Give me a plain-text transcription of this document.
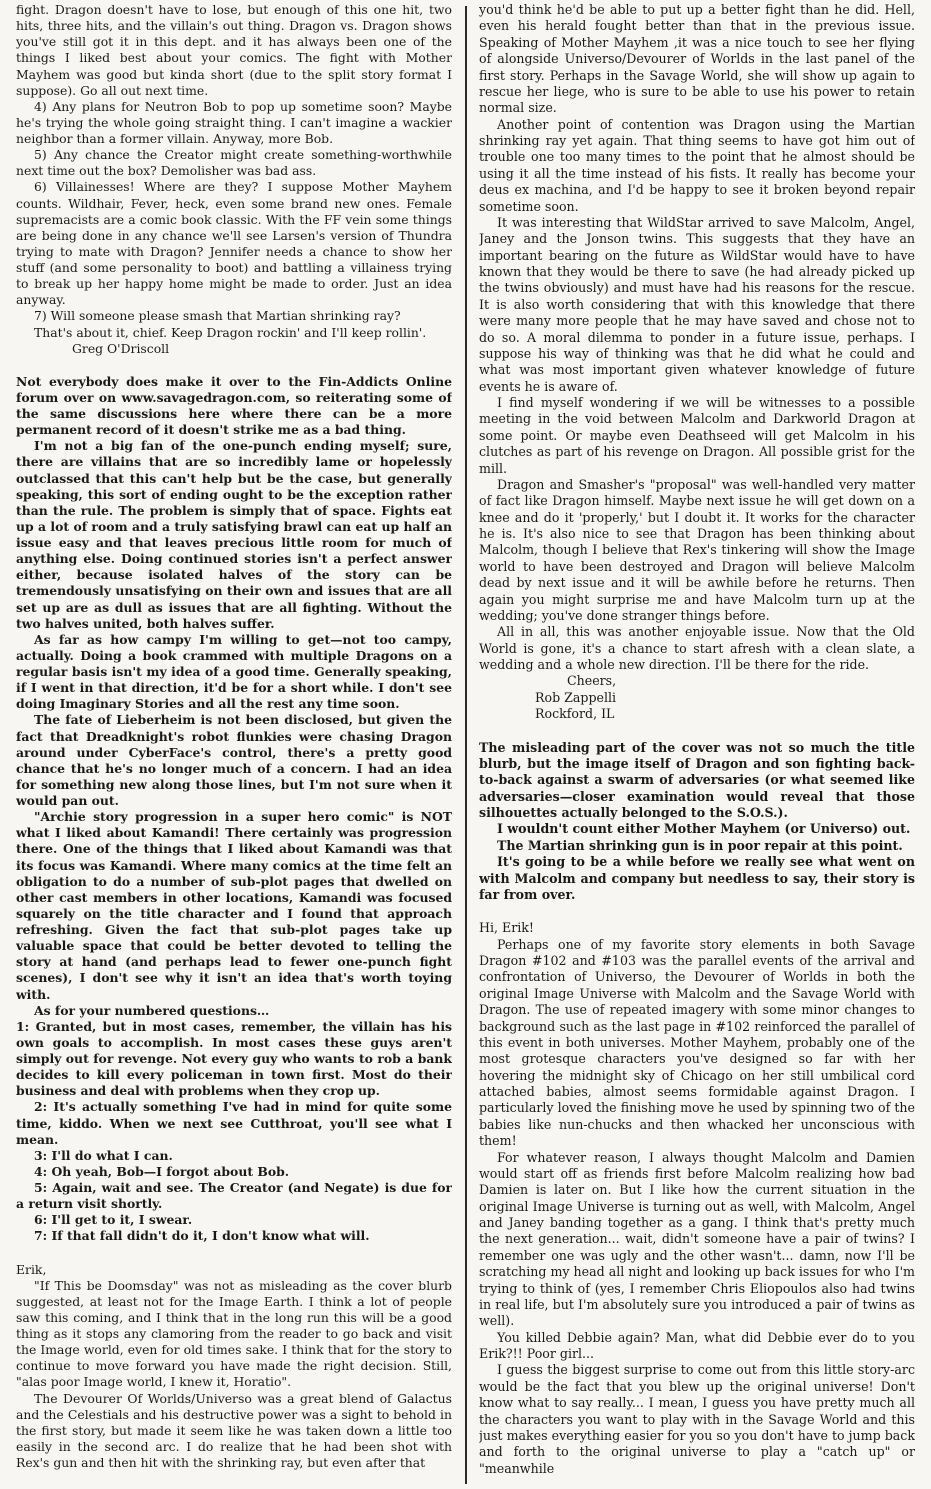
fight. Dragon doesn't have to lose, but enough of this one hit, two hits, three hits, and the villain's out thing. Dragon vs. Dragon shows you've still got it in this dept. and it has always been one of the things I liked best about your comics. The fight with Mother Mayhem was good but kinda short (due to the split story format I suppose). Go all out next time.

4) Any plans for Neutron Bob to pop up sometime soon? Maybe he's trying the whole going straight thing. I can't imagine a wackier neighbor than a former villain. Anyway, more Bob.

5) Any chance the Creator might create something-worthwhile next time out the box? Demolisher was bad ass.

6) Villainesses! Where are they? I suppose Mother Mayhem counts. Wildhair, Fever, heck, even some brand new ones. Female supremacists are a comic book classic. With the FF vein some things are being done in any chance we'll see Larsen's version of Thundra trying to mate with Dragon? Jennifer needs a chance to show her stuff (and some personality to boot) and battling a villainess trying to break up her happy home might be made to order. Just an idea anyway.

7) Will someone please smash that Martian shrinking ray?

That's about it, chief. Keep Dragon rockin' and I'll keep rollin'.

Greg O'Driscoll

Not everybody does make it over to the Fin-Addicts Online forum over on www.savagedragon.com, so reiterating some of the same discussions here where there can be a more permanent record of it doesn't strike me as a bad thing.

I'm not a big fan of the one-punch ending myself; sure, there are villains that are so incredibly lame or hopelessly outclassed that this can't help but be the case, but generally speaking, this sort of ending ought to be the exception rather than the rule. The problem is simply that of space. Fights eat up a lot of room and a truly satisfying brawl can eat up half an issue easy and that leaves precious little room for much of anything else. Doing continued stories isn't a perfect answer either, because isolated halves of the story can be tremendously unsatisfying on their own and issues that are all set up are as dull as issues that are all fighting. Without the two halves united, both halves suffer.

As far as how campy I'm willing to get—not too campy, actually. Doing a book crammed with multiple Dragons on a regular basis isn't my idea of a good time. Generally speaking, if I went in that direction, it'd be for a short while. I don't see doing Imaginary Stories and all the rest any time soon.

The fate of Lieberheim is not been disclosed, but given the fact that Dreadknight's robot flunkies were chasing Dragon around under CyberFace's control, there's a pretty good chance that he's no longer much of a concern. I had an idea for something new along those lines, but I'm not sure when it would pan out.

"Archie story progression in a super hero comic" is NOT what I liked about Kamandi! There certainly was progression there. One of the things that I liked about Kamandi was that its focus was Kamandi. Where many comics at the time felt an obligation to do a number of sub-plot pages that dwelled on other cast members in other locations, Kamandi was focused squarely on the title character and I found that approach refreshing. Given the fact that sub-plot pages take up valuable space that could be better devoted to telling the story at hand (and perhaps lead to fewer one-punch fight scenes), I don't see why it isn't an idea that's worth toying with.

As for your numbered questions…

1: Granted, but in most cases, remember, the villain has his own goals to accomplish. In most cases these guys aren't simply out for revenge. Not every guy who wants to rob a bank decides to kill every policeman in town first. Most do their business and deal with problems when they crop up.

2: It's actually something I've had in mind for quite some time, kiddo. When we next see Cutthroat, you'll see what I mean.

3: I'll do what I can.

4: Oh yeah, Bob—I forgot about Bob.

5: Again, wait and see. The Creator (and Negate) is due for a return visit shortly.

6: I'll get to it, I swear.

7: If that fall didn't do it, I don't know what will.

Erik,

"If This be Doomsday" was not as misleading as the cover blurb suggested, at least not for the Image Earth. I think a lot of people saw this coming, and I think that in the long run this will be a good thing as it stops any clamoring from the reader to go back and visit the Image world, even for old times sake. I think that for the story to continue to move forward you have made the right decision. Still, "alas poor Image world, I knew it, Horatio".

The Devourer Of Worlds/Universo was a great blend of Galactus and the Celestials and his destructive power was a sight to behold in the first story, but made it seem like he was taken down a little too easily in the second arc. I do realize that he had been shot with Rex's gun and then hit with the shrinking ray, but even after that

you'd think he'd be able to put up a better fight than he did. Hell, even his herald fought better than that in the previous issue. Speaking of Mother Mayhem ,it was a nice touch to see her flying of alongside Universo/Devourer of Worlds in the last panel of the first story. Perhaps in the Savage World, she will show up again to rescue her liege, who is sure to be able to use his power to retain normal size.

Another point of contention was Dragon using the Martian shrinking ray yet again. That thing seems to have got him out of trouble one too many times to the point that he almost should be using it all the time instead of his fists. It really has become your deus ex machina, and I'd be happy to see it broken beyond repair sometime soon.

It was interesting that WildStar arrived to save Malcolm, Angel, Janey and the Jonson twins. This suggests that they have an important bearing on the future as WildStar would have to have known that they would be there to save (he had already picked up the twins obviously) and must have had his reasons for the rescue. It is also worth considering that with this knowledge that there were many more people that he may have saved and chose not to do so. A moral dilemma to ponder in a future issue, perhaps. I suppose his way of thinking was that he did what he could and what was most important given whatever knowledge of future events he is aware of.

I find myself wondering if we will be witnesses to a possible meeting in the void between Malcolm and Darkworld Dragon at some point. Or maybe even Deathseed will get Malcolm in his clutches as part of his revenge on Dragon. All possible grist for the mill.

Dragon and Smasher's "proposal" was well-handled very matter of fact like Dragon himself. Maybe next issue he will get down on a knee and do it 'properly,' but I doubt it. It works for the character he is. It's also nice to see that Dragon has been thinking about Malcolm, though I believe that Rex's tinkering will show the Image world to have been destroyed and Dragon will believe Malcolm dead by next issue and it will be awhile before he returns. Then again you might surprise me and have Malcolm turn up at the wedding; you've done stranger things before.

All in all, this was another enjoyable issue. Now that the Old World is gone, it's a chance to start afresh with a clean slate, a wedding and a whole new direction. I'll be there for the ride.

Cheers,

Rob Zappelli

Rockford, IL

The misleading part of the cover was not so much the title blurb, but the image itself of Dragon and son fighting back-to-back against a swarm of adversaries (or what seemed like adversaries—closer examination would reveal that those silhouettes actually belonged to the S.O.S.).

I wouldn't count either Mother Mayhem (or Universo) out.

The Martian shrinking gun is in poor repair at this point.

It's going to be a while before we really see what went on with Malcolm and company but needless to say, their story is far from over.

Hi, Erik!

Perhaps one of my favorite story elements in both Savage Dragon #102 and #103 was the parallel events of the arrival and confrontation of Universo, the Devourer of Worlds in both the original Image Universe with Malcolm and the Savage World with Dragon. The use of repeated imagery with some minor changes to background such as the last page in #102 reinforced the parallel of this event in both universes. Mother Mayhem, probably one of the most grotesque characters you've designed so far with her hovering the midnight sky of Chicago on her still umbilical cord attached babies, almost seems formidable against Dragon. I particularly loved the finishing move he used by spinning two of the babies like nun-chucks and then whacked her unconscious with them!

For whatever reason, I always thought Malcolm and Damien would start off as friends first before Malcolm realizing how bad Damien is later on. But I like how the current situation in the original Image Universe is turning out as well, with Malcolm, Angel and Janey banding together as a gang. I think that's pretty much the next generation... wait, didn't someone have a pair of twins? I remember one was ugly and the other wasn't... damn, now I'll be scratching my head all night and looking up back issues for who I'm trying to think of (yes, I remember Chris Eliopoulos also had twins in real life, but I'm absolutely sure you introduced a pair of twins as well).

You killed Debbie again? Man, what did Debbie ever do to you Erik?!! Poor girl...

I guess the biggest surprise to come out from this little story-arc would be the fact that you blew up the original universe! Don't know what to say really... I mean, I guess you have pretty much all the characters you want to play with in the Savage World and this just makes everything easier for you so you don't have to jump back and forth to the original universe to play a "catch up" or "meanwhile
